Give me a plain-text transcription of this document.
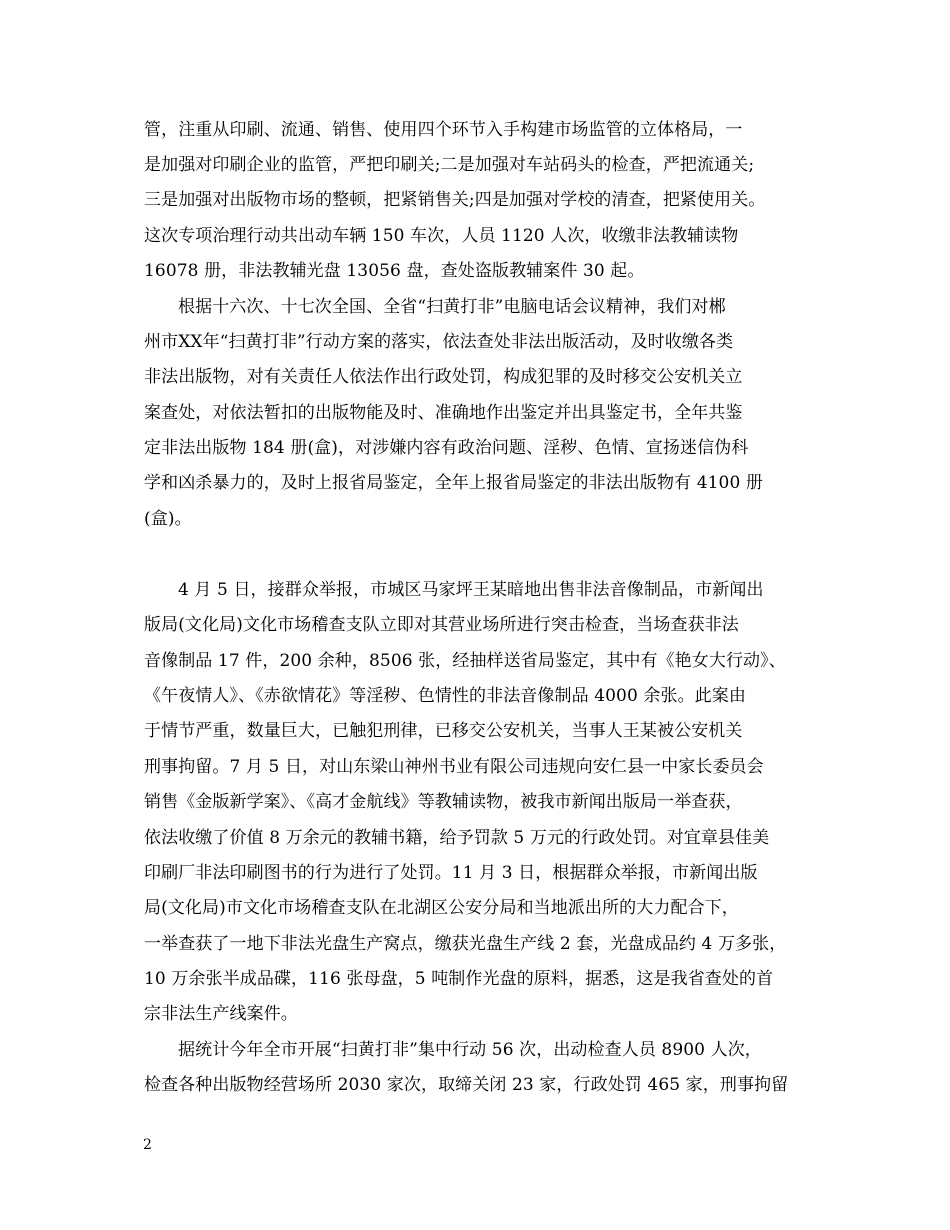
管，注重从印刷、流通、销售、使用四个环节入手构建市场监管的立体格局，一
是加强对印刷企业的监管，严把印刷关;二是加强对车站码头的检查，严把流通关;
三是加强对出版物市场的整顿，把紧销售关;四是加强对学校的清查，把紧使用关。
这次专项治理行动共出动车辆 150 车次，人员 1120 人次，收缴非法教辅读物
16078 册，非法教辅光盘 13056 盘，查处盗版教辅案件 30 起。
根据十六次、十七次全国、全省“扫黄打非”电脑电话会议精神，我们对郴
州市XX年“扫黄打非”行动方案的落实，依法查处非法出版活动，及时收缴各类
非法出版物，对有关责任人依法作出行政处罚，构成犯罪的及时移交公安机关立
案查处，对依法暂扣的出版物能及时、准确地作出鉴定并出具鉴定书，全年共鉴
定非法出版物 184 册(盒)，对涉嫌内容有政治问题、淫秽、色情、宣扬迷信伪科
学和凶杀暴力的，及时上报省局鉴定，全年上报省局鉴定的非法出版物有 4100 册
(盒)。
4 月 5 日，接群众举报，市城区马家坪王某暗地出售非法音像制品，市新闻出
版局(文化局)文化市场稽查支队立即对其营业场所进行突击检查，当场查获非法
音像制品 17 件，200 余种，8506 张，经抽样送省局鉴定，其中有《艳女大行动》、
《午夜情人》、《赤欲情花》等淫秽、色情性的非法音像制品 4000 余张。此案由
于情节严重，数量巨大，已触犯刑律，已移交公安机关，当事人王某被公安机关
刑事拘留。7 月 5 日，对山东梁山神州书业有限公司违规向安仁县一中家长委员会
销售《金版新学案》、《高才金航线》等教辅读物，被我市新闻出版局一举查获，
依法收缴了价值 8 万余元的教辅书籍，给予罚款 5 万元的行政处罚。对宜章县佳美
印刷厂非法印刷图书的行为进行了处罚。11 月 3 日，根据群众举报，市新闻出版
局(文化局)市文化市场稽查支队在北湖区公安分局和当地派出所的大力配合下，
一举查获了一地下非法光盘生产窝点，缴获光盘生产线 2 套，光盘成品约 4 万多张，
10 万余张半成品碟，116 张母盘，5 吨制作光盘的原料，据悉，这是我省查处的首
宗非法生产线案件。
据统计今年全市开展“扫黄打非”集中行动 56 次，出动检查人员 8900 人次，
检查各种出版物经营场所 2030 家次，取缔关闭 23 家，行政处罚 465 家，刑事拘留
2
